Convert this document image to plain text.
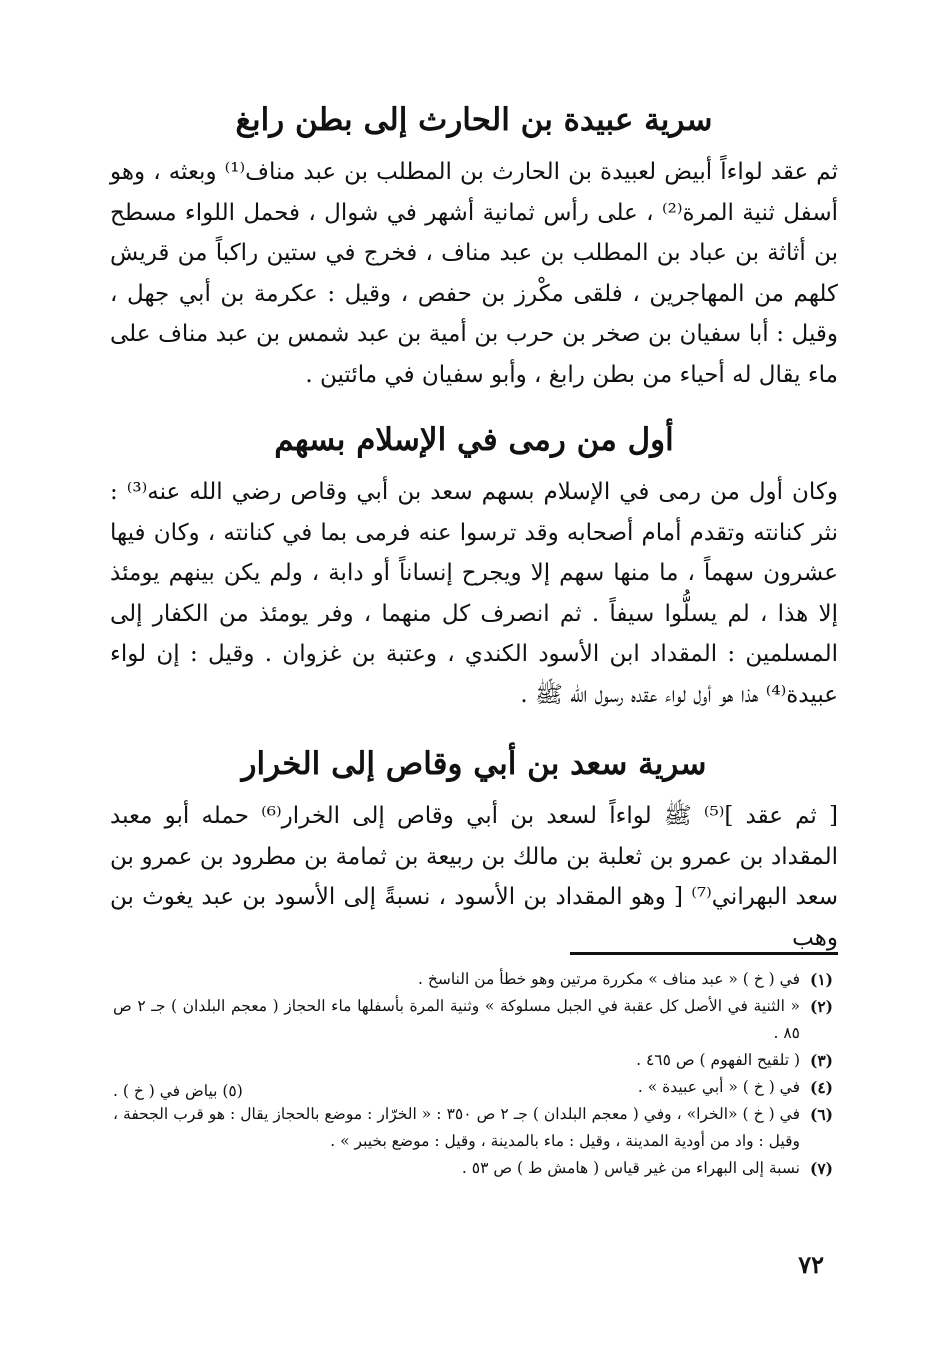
سرية عبيدة بن الحارث إلى بطن رابغ

ثم عقد لواءاً أبيض لعبيدة بن الحارث بن المطلب بن عبد مناف⁽¹⁾ وبعثه ، وهو أسفل ثنية المرة⁽²⁾ ، على رأس ثمانية أشهر في شوال ، فحمل اللواء مسطح بن أثاثة بن عباد بن المطلب بن عبد مناف ، فخرج في ستين راكباً من قريش كلهم من المهاجرين ، فلقى مكْرز بن حفص ، وقيل : عكرمة بن أبي جهل ، وقيل : أبا سفيان بن صخر بن حرب بن أمية بن عبد شمس بن عبد مناف على ماء يقال له أحياء من بطن رابغ ، وأبو سفيان في مائتين .

أول من رمى في الإسلام بسهم

وكان أول من رمى في الإسلام بسهم سعد بن أبي وقاص رضي الله عنه⁽³⁾ : نثر كنانته وتقدم أمام أصحابه وقد ترسوا عنه فرمى بما في كنانته ، وكان فيها عشرون سهماً ، ما منها سهم إلا ويجرح إنساناً أو دابة ، ولم يكن بينهم يومئذ إلا هذا ، لم يسلُّوا سيفاً . ثم انصرف كل منهما ، وفر يومئذ من الكفار إلى المسلمين : المقداد ابن الأسود الكندي ، وعتبة بن غزوان . وقيل : إن لواء عبيدة⁽⁴⁾ هذا هو أول لواء عقده رسول الله ﷺ .

سرية سعد بن أبي وقاص إلى الخرار

[ ثم عقد ]⁽⁵⁾ ﷺ لواءاً لسعد بن أبي وقاص إلى الخرار⁽⁶⁾ حمله أبو معبد المقداد بن عمرو بن ثعلبة بن مالك بن ربيعة بن ثمامة بن مطرود بن عمرو بن سعد البهراني⁽⁷⁾ [ وهو المقداد بن الأسود ، نسبةً إلى الأسود بن عبد يغوث بن وهب

(١)
في ( خ ) « عبد مناف » مكررة مرتين وهو خطأ من الناسخ .
(٢)
« الثنية في الأصل كل عقبة في الجبل مسلوكة » وثنية المرة بأسفلها ماء الحجاز ( معجم البلدان ) جـ ٢ ص ٨٥ .
(٣)
( تلقيح الفهوم ) ص ٤٦٥ .
(٤)
في ( خ ) « أبي عبيدة » .
(٦)
في ( خ ) «الخرا» ، وفي ( معجم البلدان ) جـ ٢ ص ٣٥٠ : « الخرّار : موضع بالحجاز يقال : هو قرب الجحفة ، وقيل : واد من أودية المدينة ، وقيل : ماء بالمدينة ، وقيل : موضع بخيبر » .
(٧)
نسبة إلى البهراء من غير قياس ( هامش ط ) ص ٥٣ .
(٥) بياض في ( خ ) .
٧٢
